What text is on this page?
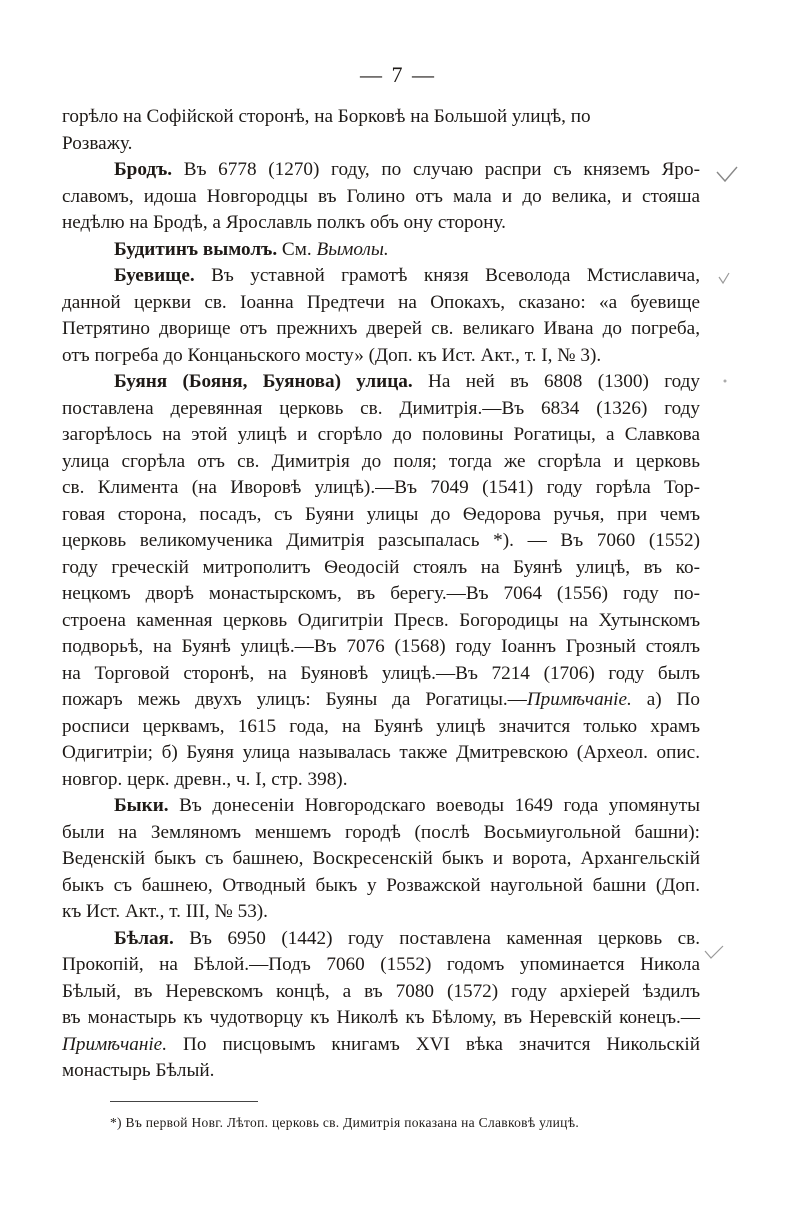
— 7 —
горѣло на Софійской сторонѣ, на Борковѣ на Большой улицѣ, по
Розважу.
Бродъ. Въ 6778 (1270) году, по случаю распри съ княземъ Яро-
славомъ, идоша Новгородцы въ Голино отъ мала и до велика, и стояша
недѣлю на Бродѣ, а Ярославль полкъ объ ону сторону.
Будитинъ вымолъ. См. Вымолы.
Буевище. Въ уставной грамотѣ князя Всеволода Мстиславича,
данной церкви св. Іоанна Предтечи на Опокахъ, сказано: «а буевище
Петрятино дворище отъ прежнихъ дверей св. великаго Ивана до погреба,
отъ погреба до Концаньского мосту» (Доп. къ Ист. Акт., т. I, № 3).
Буяня (Бояня, Буянова) улица. На ней въ 6808 (1300) году
поставлена деревянная церковь св. Димитрія.—Въ 6834 (1326) году
загорѣлось на этой улицѣ и сгорѣло до половины Рогатицы, а Славкова
улица сгорѣла отъ св. Димитрія до поля; тогда же сгорѣла и церковь
св. Климента (на Иворовѣ улицѣ).—Въ 7049 (1541) году горѣла Тор-
говая сторона, посадъ, съ Буяни улицы до Ѳедорова ручья, при чемъ
церковь великомученика Димитрія разсыпалась *). — Въ 7060 (1552)
году греческій митрополитъ Ѳеодосій стоялъ на Буянѣ улицѣ, въ ко-
нецкомъ дворѣ монастырскомъ, въ берегу.—Въ 7064 (1556) году по-
строена каменная церковь Одигитріи Пресв. Богородицы на Хутынскомъ
подворьѣ, на Буянѣ улицѣ.—Въ 7076 (1568) году Іоаннъ Грозный стоялъ
на Торговой сторонѣ, на Буяновѣ улицѣ.—Въ 7214 (1706) году былъ
пожаръ межь двухъ улицъ: Буяны да Рогатицы.—Примѣчаніе. а) По
росписи церквамъ, 1615 года, на Буянѣ улицѣ значится только храмъ
Одигитріи; б) Буяня улица называлась также Дмитревскою (Археол. опис.
новгор. церк. древн., ч. I, стр. 398).
Быки. Въ донесеніи Новгородскаго воеводы 1649 года упомянуты
были на Земляномъ меншемъ городѣ (послѣ Восьмиугольной башни):
Веденскій быкъ съ башнею, Воскресенскій быкъ и ворота, Архангельскій
быкъ съ башнею, Отводный быкъ у Розважской наугольной башни (Доп.
къ Ист. Акт., т. III, № 53).
Бѣлая. Въ 6950 (1442) году поставлена каменная церковь св.
Прокопій, на Бѣлой.—Подъ 7060 (1552) годомъ упоминается Никола
Бѣлый, въ Неревскомъ концѣ, а въ 7080 (1572) году архіерей ѣздилъ
въ монастырь къ чудотворцу къ Николѣ къ Бѣлому, въ Неревскій конецъ.—
Примѣчаніе. По писцовымъ книгамъ XVI вѣка значится Никольскій
монастырь Бѣлый.
*) Въ первой Новг. Лѣтоп. церковь св. Димитрія показана на Славковѣ улицѣ.
